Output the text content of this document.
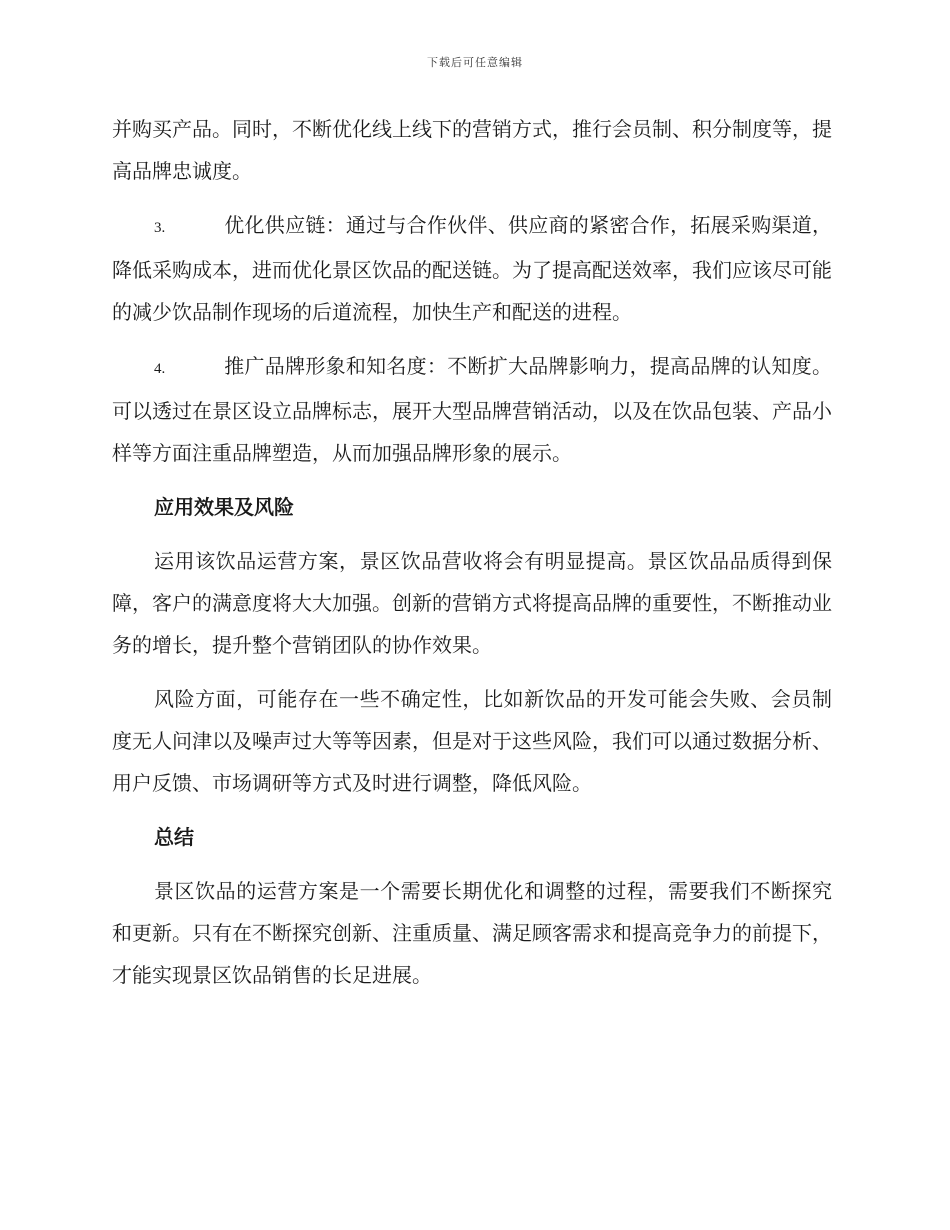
下载后可任意编辑

并购买产品。同时，不断优化线上线下的营销方式，推行会员制、积分制度等，提高品牌忠诚度。

3.	优化供应链：通过与合作伙伴、供应商的紧密合作，拓展采购渠道，降低采购成本，进而优化景区饮品的配送链。为了提高配送效率，我们应该尽可能的减少饮品制作现场的后道流程，加快生产和配送的进程。

4.	推广品牌形象和知名度：不断扩大品牌影响力，提高品牌的认知度。可以透过在景区设立品牌标志，展开大型品牌营销活动，以及在饮品包装、产品小样等方面注重品牌塑造，从而加强品牌形象的展示。

应用效果及风险

运用该饮品运营方案，景区饮品营收将会有明显提高。景区饮品品质得到保障，客户的满意度将大大加强。创新的营销方式将提高品牌的重要性，不断推动业务的增长，提升整个营销团队的协作效果。

风险方面，可能存在一些不确定性，比如新饮品的开发可能会失败、会员制度无人问津以及噪声过大等等因素，但是对于这些风险，我们可以通过数据分析、用户反馈、市场调研等方式及时进行调整，降低风险。

总结

景区饮品的运营方案是一个需要长期优化和调整的过程，需要我们不断探究和更新。只有在不断探究创新、注重质量、满足顾客需求和提高竞争力的前提下，才能实现景区饮品销售的长足进展。
